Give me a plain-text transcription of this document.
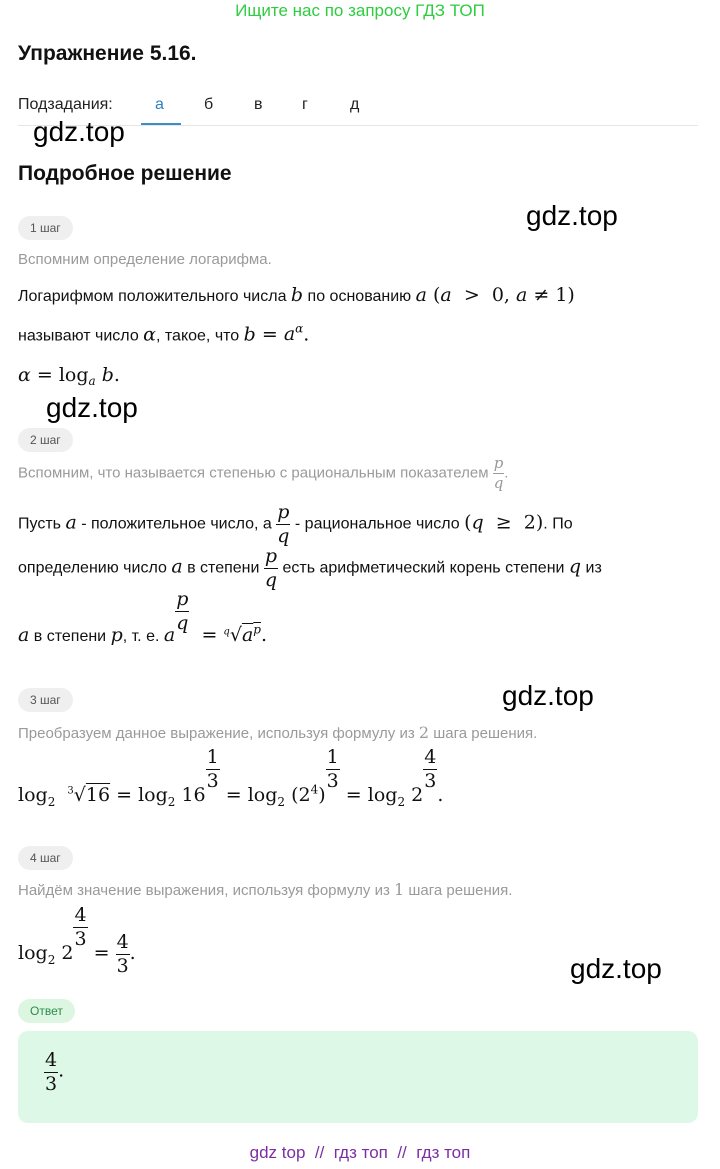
Ищите нас по запросу ГДЗ ТОП
Упражнение 5.16.
Подзадания:	а	б	в г	д
gdz.top
gdz.top
gdz.top
gdz.top
gdz.top
Подробное решение
1 шаг
Вспомним определение логарифма.
Логарифмом положительного числа b по основанию a (a  >  0, a ≠ 1)
называют число α, такое, что $b = a^\alpha$.
$\alpha = \log_a b$.
2 шаг
Вспомним, что называется степенью с рациональным показателем $\frac{p}{q}$ .
Пусть a - положительное число, а $\frac{p}{q}$ - рациональное число (q  ≥  2). По
определению число a в степени $\frac{p}{q}$ есть арифметический корень степени q из
a в степени p, т. е. a
$\frac{p}{q}$
= $^q√a^p$.
3 шаг
Преобразуем данное выражение, используя формулу из 2 шага решения.
$\log_2 ^3√16 = \log_2 16$
$\frac{1}{3}$
= $\log_2 (2^4)$
$\frac{1}{3}$
= $\log_2 2$
$\frac{4}{3}$
.
4 шаг
Найдём значение выражения, используя формулу из 1 шага решения.
$\log_2 2$
$\frac{4}{3}$
= $\frac{4}{3}$ .
Ответ
$\frac{4}{3}$ .
gdz top  //  гдз топ  //  гдз топ
